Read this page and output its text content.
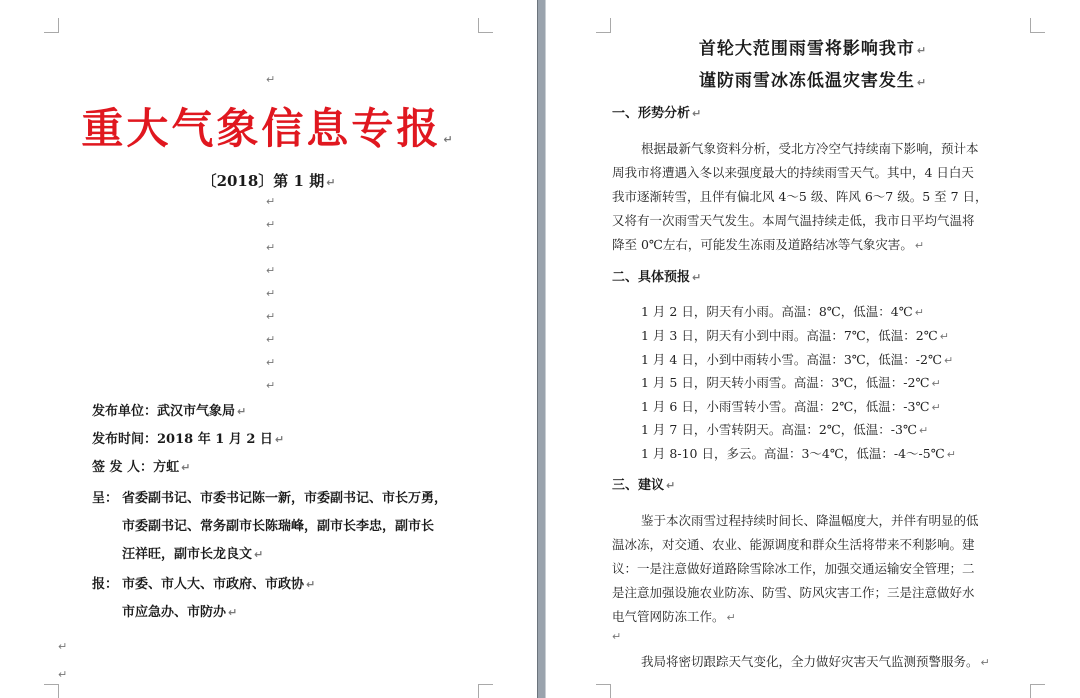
重大气象信息专报 ↵
〔2018〕第 1 期 ↵
↵
↵
↵
↵
↵
↵
↵
↵
↵
↵
↵
↵
发布单位：武汉市气象局 ↵
发布时间：2018 年 1 月 2 日 ↵
签 发 人：方虹 ↵
呈： 省委副书记、市委书记陈一新，市委副书记、市长万勇，
市委副书记、常务副市长陈瑞峰，副市长李忠，副市长
汪祥旺，副市长龙良文 ↵
报： 市委、市人大、市政府、市政协 ↵
市应急办、市防办 ↵
首轮大范围雨雪将影响我市 ↵
谨防雨雪冰冻低温灾害发生 ↵
一、形势分析 ↵
根据最新气象资料分析，受北方冷空气持续南下影响，预计本
周我市将遭遇入冬以来强度最大的持续雨雪天气。其中，4 日白天
我市逐渐转雪，且伴有偏北风 4～5 级、阵风 6～7 级。5 至 7 日，
又将有一次雨雪天气发生。本周气温持续走低，我市日平均气温将
降至 0℃左右，可能发生冻雨及道路结冰等气象灾害。 ↵
二、具体预报 ↵
1 月 2 日，阴天有小雨。高温：8℃，低温：4℃ ↵
1 月 3 日，阴天有小到中雨。高温：7℃，低温：2℃ ↵
1 月 4 日，小到中雨转小雪。高温：3℃，低温：-2℃ ↵
1 月 5 日，阴天转小雨雪。高温：3℃，低温：-2℃ ↵
1 月 6 日，小雨雪转小雪。高温：2℃，低温：-3℃ ↵
1 月 7 日，小雪转阴天。高温：2℃，低温：-3℃ ↵
1 月 8-10 日，多云。高温：3～4℃，低温：-4～-5℃ ↵
三、建议 ↵
鉴于本次雨雪过程持续时间长、降温幅度大，并伴有明显的低
温冰冻，对交通、农业、能源调度和群众生活将带来不利影响。建
议：一是注意做好道路除雪除冰工作，加强交通运输安全管理；二
是注意加强设施农业防冻、防雪、防风灾害工作；三是注意做好水
电气管网防冻工作。 ↵
↵
我局将密切跟踪天气变化，全力做好灾害天气监测预警服务。 ↵
